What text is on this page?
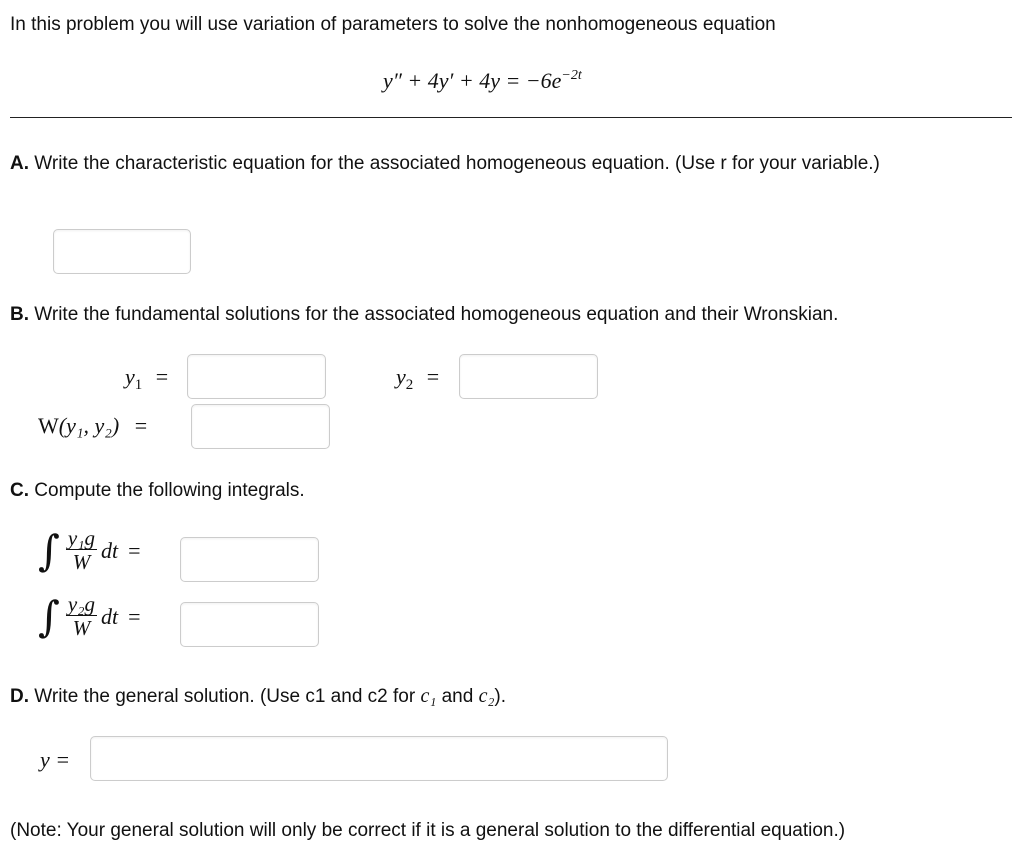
In this problem you will use variation of parameters to solve the nonhomogeneous equation
$y'' + 4y' + 4y = -6e^{-2t}$
A. Write the characteristic equation for the associated homogeneous equation. (Use r for your variable.)
B. Write the fundamental solutions for the associated homogeneous equation and their Wronskian.
$y_1$ =	$y_2$ =
W(y₁, y₂) =
C. Compute the following integrals.
∫ $\frac{\text{y₁g}}{W}$ dt =
∫ $\frac{\text{y₂g}}{W}$ dt =
D. Write the general solution. (Use c1 and c2 for c₁ and c₂).
y =
(Note: Your general solution will only be correct if it is a general solution to the differential equation.)
